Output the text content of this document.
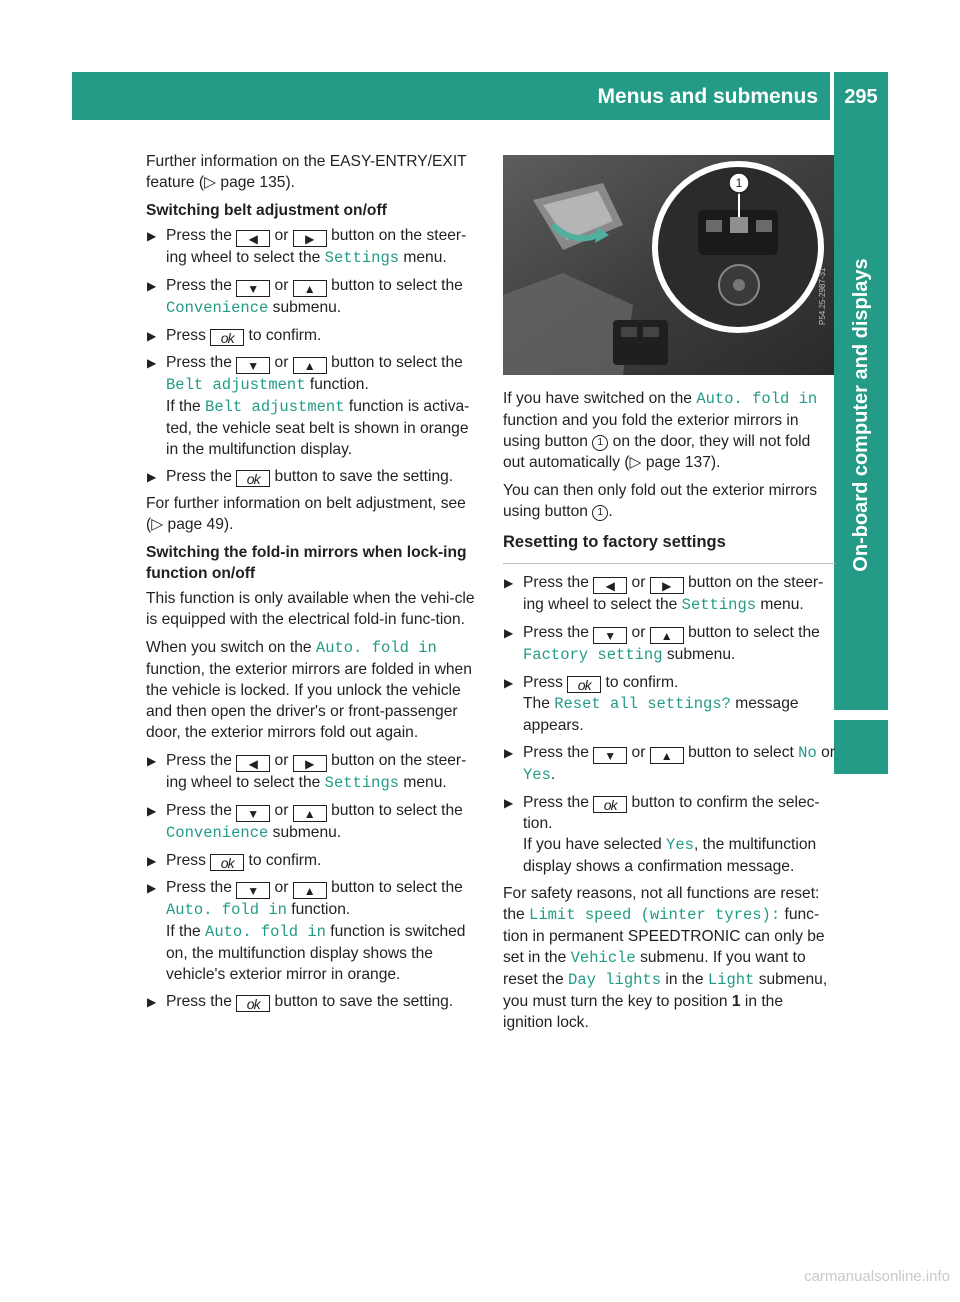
Menus and submenus	295
On-board computer and displays

Further information on the EASY-ENTRY/EXIT feature (▷ page 135).

Switching belt adjustment on/off
▶ Press the ◀ or ▶ button on the steer-ing wheel to select the Settings menu.
▶ Press the ▼ or ▲ button to select the Convenience submenu.
▶ Press ok to confirm.
▶ Press the ▼ or ▲ button to select the Belt adjustment function.
If the Belt adjustment function is activa-ted, the vehicle seat belt is shown in orange in the multifunction display.
▶ Press the ok button to save the setting.

For further information on belt adjustment, see (▷ page 49).

Switching the fold-in mirrors when lock-ing function on/off

This function is only available when the vehi-cle is equipped with the electrical fold-in func-tion.

When you switch on the Auto. fold in function, the exterior mirrors are folded in when the vehicle is locked. If you unlock the vehicle and then open the driver's or front-passenger door, the exterior mirrors fold out again.

▶ Press the ◀ or ▶ button on the steer-ing wheel to select the Settings menu.
▶ Press the ▼ or ▲ button to select the Convenience submenu.
▶ Press ok to confirm.
▶ Press the ▼ or ▲ button to select the Auto. fold in function.
If the Auto. fold in function is switched on, the multifunction display shows the vehicle's exterior mirror in orange.
▶ Press the ok button to save the setting.
1
P54.25-2987-31

If you have switched on the Auto. fold in function and you fold the exterior mirrors in using button 1 on the door, they will not fold out automatically (▷ page 137).

You can then only fold out the exterior mirrors using button 1 .

Resetting to factory settings
▶ Press the ◀ or ▶ button on the steer-ing wheel to select the Settings menu.
▶ Press the ▼ or ▲ button to select the Factory setting submenu.
▶ Press ok to confirm.
The Reset all settings? message appears.
▶ Press the ▼ or ▲ button to select No or Yes.
▶ Press the ok button to confirm the selec-tion.
If you have selected Yes, the multifunction display shows a confirmation message.

For safety reasons, not all functions are reset: the Limit speed (winter tyres): func-tion in permanent SPEEDTRONIC can only be set in the Vehicle submenu. If you want to reset the Day lights in the Light submenu, you must turn the key to position 1 in the ignition lock.

carmanualsonline.info
